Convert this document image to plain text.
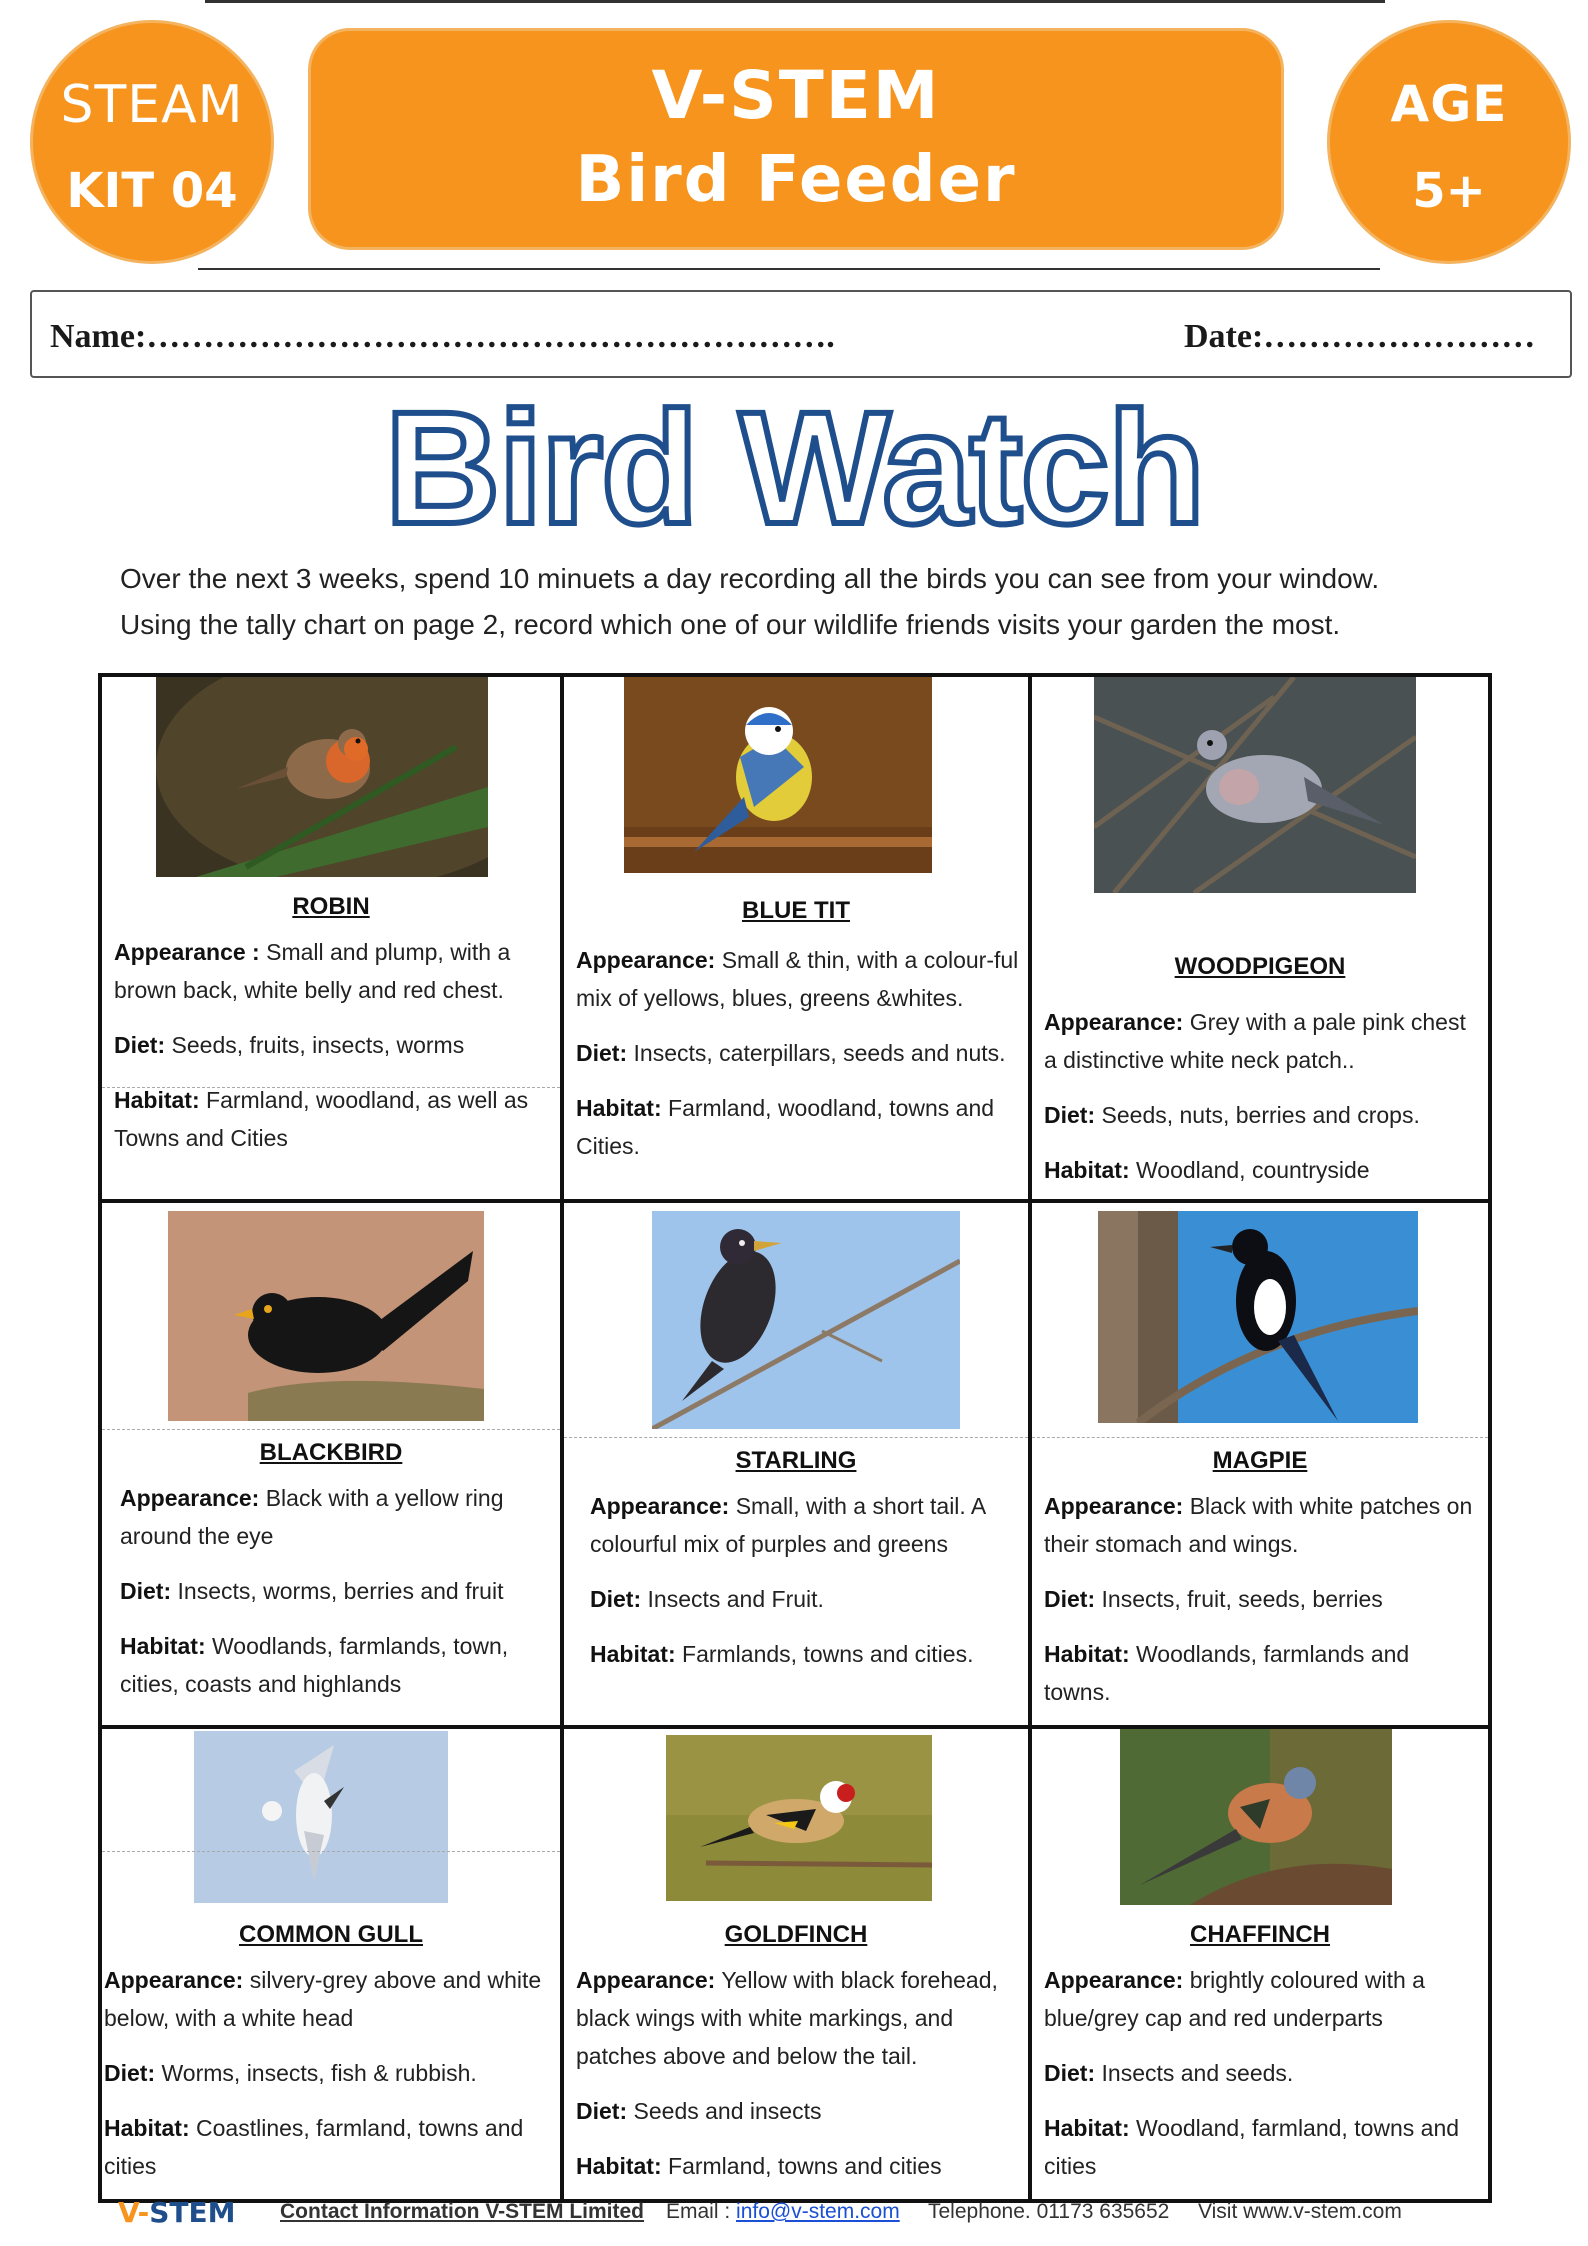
STEAM
KIT 04
V-STEM
Bird Feeder
AGE
5+
Name:…………………………………………………….	Date:……………………
Bird Watch
Over the next 3 weeks, spend 10 minuets a day recording all the birds you can see from your window.
Using the tally chart on page 2, record which one of our wildlife friends visits your garden the most.
ROBIN

Appearance : Small and plump, with a brown back, white belly and red chest.

Diet: Seeds, fruits, insects, worms

Habitat: Farmland, woodland, as well as Towns and Cities

BLUE TIT

Appearance: Small & thin, with a colour-ful mix of yellows, blues, greens &whites.

Diet: Insects, caterpillars, seeds and nuts.

Habitat: Farmland, woodland, towns and Cities.

WOODPIGEON

Appearance: Grey with a pale pink chest a distinctive white neck patch..

Diet: Seeds, nuts, berries and crops.

Habitat: Woodland, countryside

BLACKBIRD

Appearance: Black with a yellow ring around the eye

Diet: Insects, worms, berries and fruit

Habitat: Woodlands, farmlands, town, cities, coasts and highlands

STARLING

Appearance: Small, with a short tail. A colourful mix of purples and greens

Diet: Insects and Fruit.

Habitat: Farmlands, towns and cities.

MAGPIE

Appearance: Black with white patches on their stomach and wings.

Diet: Insects, fruit, seeds, berries

Habitat: Woodlands, farmlands and towns.

COMMON GULL

Appearance: silvery-grey above and white below, with a white head

Diet: Worms, insects, fish & rubbish.

Habitat: Coastlines, farmland, towns and cities

GOLDFINCH

Appearance: Yellow with black forehead, black wings with white markings, and patches above and below the tail.

Diet: Seeds and insects

Habitat: Farmland, towns and cities

CHAFFINCH

Appearance: brightly coloured with a blue/grey cap and red underparts

Diet: Insects and seeds.

Habitat: Woodland, farmland, towns and cities

V-STEM Contact Information V-STEM Limited Email : info@v-stem.com Telephone. 01173 635652 Visit www.v-stem.com
